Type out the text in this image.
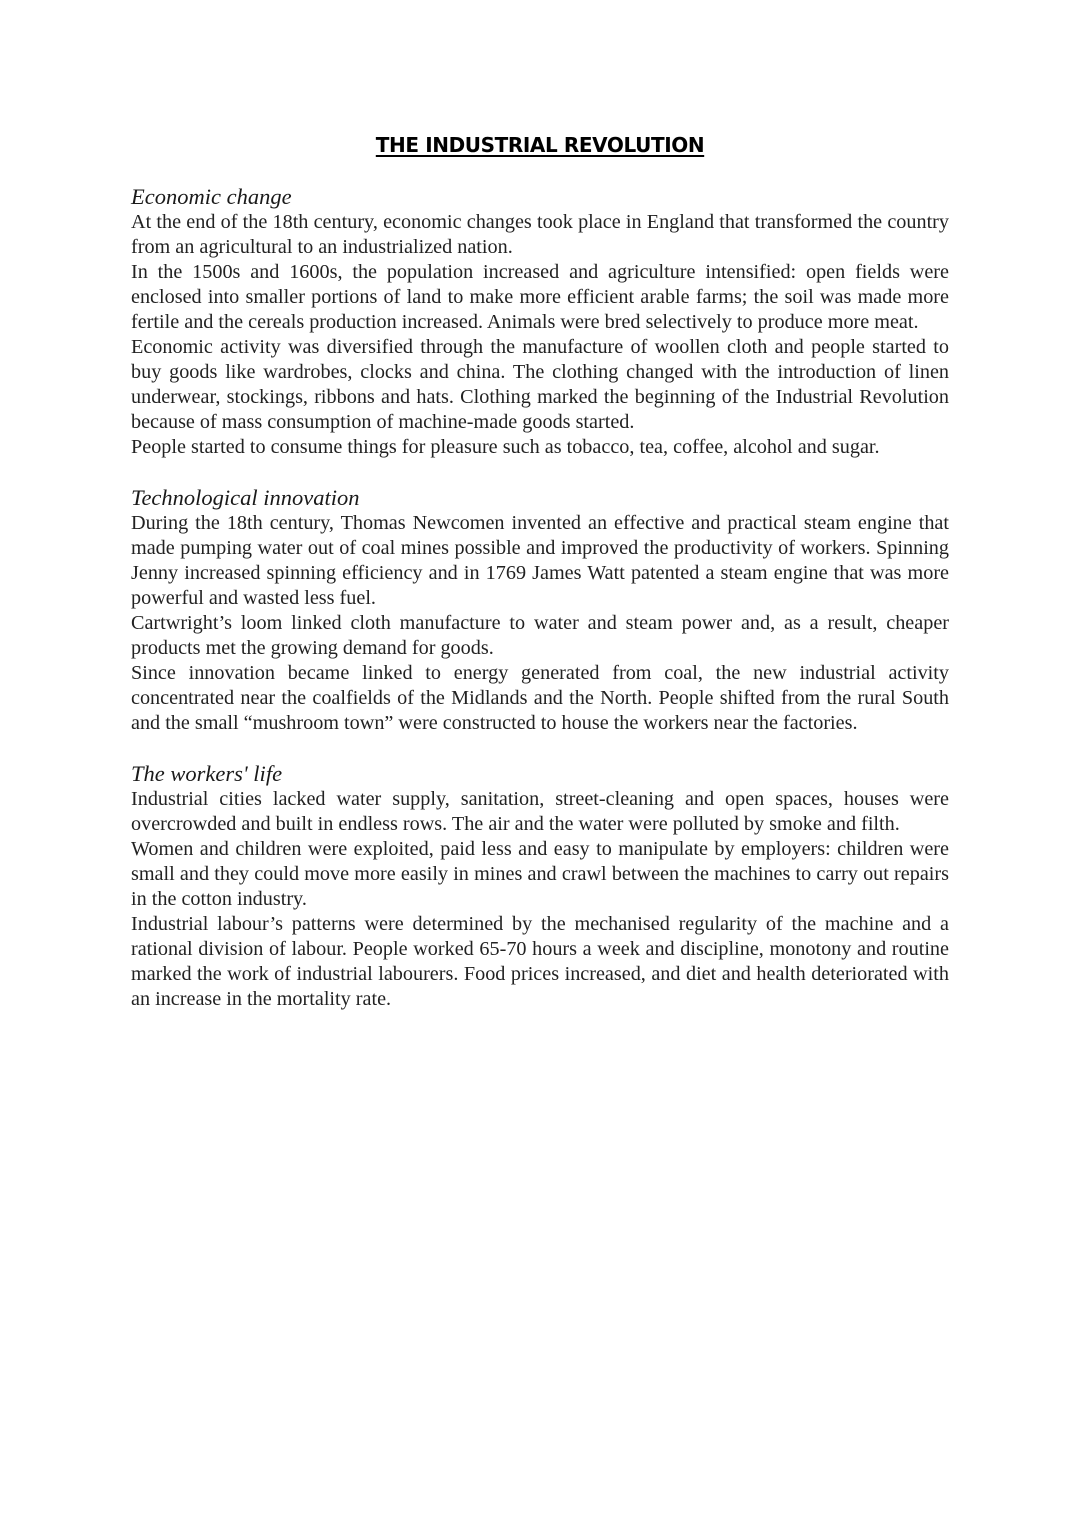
THE INDUSTRIAL REVOLUTION

Economic change

At the end of the 18th century, economic changes took place in England that transformed the country from an agricultural to an industrialized nation.

In the 1500s and 1600s, the population increased and agriculture intensified: open fields were enclosed into smaller portions of land to make more efficient arable farms; the soil was made more fertile and the cereals production increased. Animals were bred selectively to produce more meat.

Economic activity was diversified through the manufacture of woollen cloth and people started to buy goods like wardrobes, clocks and china. The clothing changed with the introduction of linen underwear, stockings, ribbons and hats. Clothing marked the beginning of the Industrial Revolution because of mass consumption of machine-made goods started.

People started to consume things for pleasure such as tobacco, tea, coffee, alcohol and sugar.

Technological innovation

During the 18th century, Thomas Newcomen invented an effective and practical steam engine that made pumping water out of coal mines possible and improved the productivity of workers. Spinning Jenny increased spinning efficiency and in 1769 James Watt patented a steam engine that was more powerful and wasted less fuel.

Cartwright’s loom linked cloth manufacture to water and steam power and, as a result, cheaper products met the growing demand for goods.

Since innovation became linked to energy generated from coal, the new industrial activity concentrated near the coalfields of the Midlands and the North. People shifted from the rural South and the small “mushroom town” were constructed to house the workers near the factories.

The workers' life

Industrial cities lacked water supply, sanitation, street-cleaning and open spaces, houses were overcrowded and built in endless rows. The air and the water were polluted by smoke and filth.

Women and children were exploited, paid less and easy to manipulate by employers: children were small and they could move more easily in mines and crawl between the machines to carry out repairs in the cotton industry.

Industrial labour’s patterns were determined by the mechanised regularity of the machine and a rational division of labour. People worked 65-70 hours a week and discipline, monotony and routine marked the work of industrial labourers. Food prices increased, and diet and health deteriorated with an increase in the mortality rate.
